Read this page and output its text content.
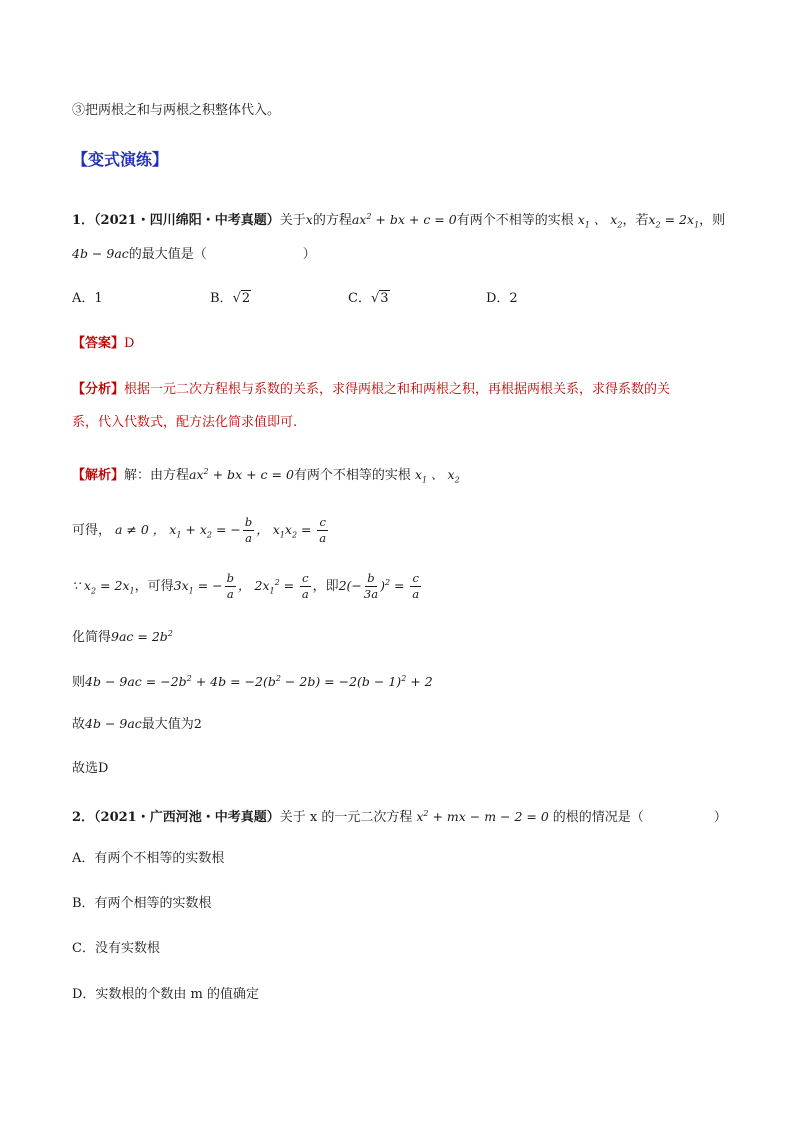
③把两根之和与两根之积整体代入。
【变式演练】
1．（2021・四川绵阳・中考真题）关于x的方程$ax^2$ + bx + c = 0有两个不相等的实根 $x_1$ 、 $x_2$，若$x_2 = 2x_1$，则
4b − 9ac的最大值是（	）
A．1	B．√2	C．√3	D．2
【答案】D
【分析】根据一元二次方程根与系数的关系，求得两根之和和两根之积，再根据两根关系，求得系数的关
系，代入代数式，配方法化简求值即可.
【解析】解：由方程$ax^2$ + bx + c = 0有两个不相等的实根 $x_1$ 、 $x_2$
可得， a ≠ 0 ， $x_1 + x_2$ = − $\frac{b}{a}$ ， $x_1x_2 = \frac{c}{a}$
∵ $x_2 = 2x_1$，可得$3x_1$ = − $\frac{b}{a}$ ， $2x_1^2 = \frac{c}{a}$ ，即$2(- \frac{b}{3a} )^2 = \frac{c}{a}$
化简得$9ac = 2b^2$
则$4b - 9ac = -2b^2 + 4b = -2(b^2 - 2b) = -2(b - 1)^2 + 2$
故4b − 9ac最大值为2
故选D
2．（2021・广西河池・中考真题）关于 x 的一元二次方程 $x^2$ + mx − m − 2 = 0 的根的情况是（	）
A．有两个不相等的实数根
B．有两个相等的实数根
C．没有实数根
D．实数根的个数由 m 的值确定
